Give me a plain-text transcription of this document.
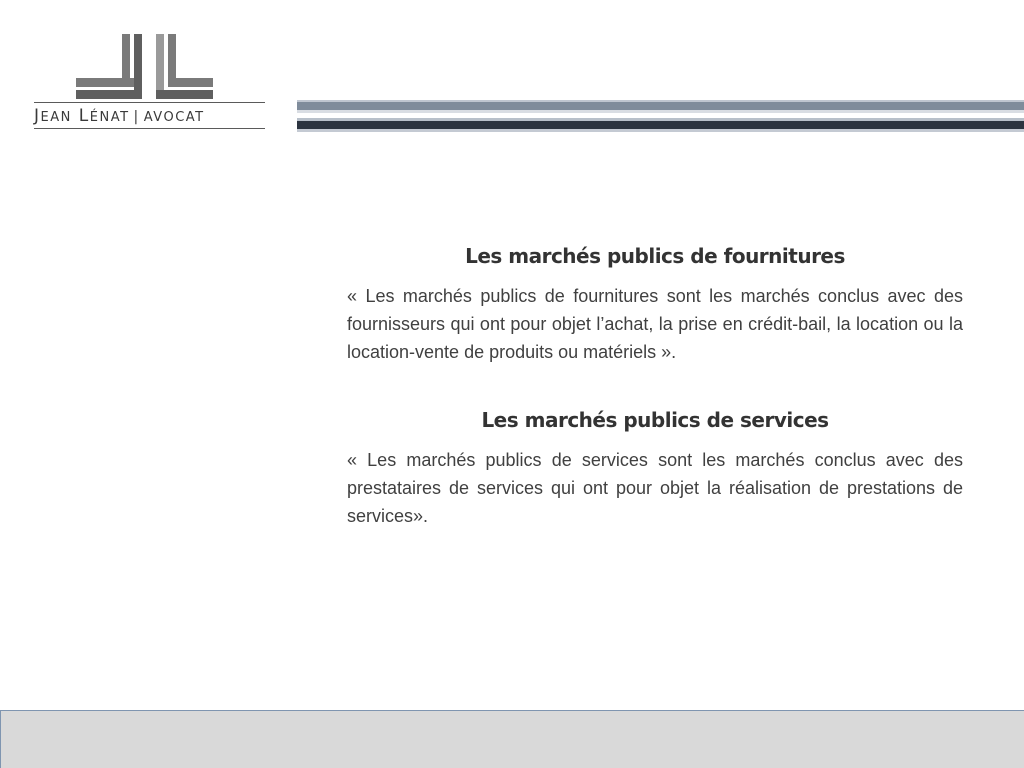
JEAN LÉNAT | AVOCAT
Les marchés publics de fournitures

« Les marchés publics de fournitures sont les marchés conclus avec des fournisseurs qui ont pour objet l’achat, la prise en crédit-bail, la location ou la location-vente de produits ou matériels ».

Les marchés publics de services

« Les marchés publics de services sont les marchés conclus avec des prestataires de services qui ont pour objet la réalisation de prestations de services».
